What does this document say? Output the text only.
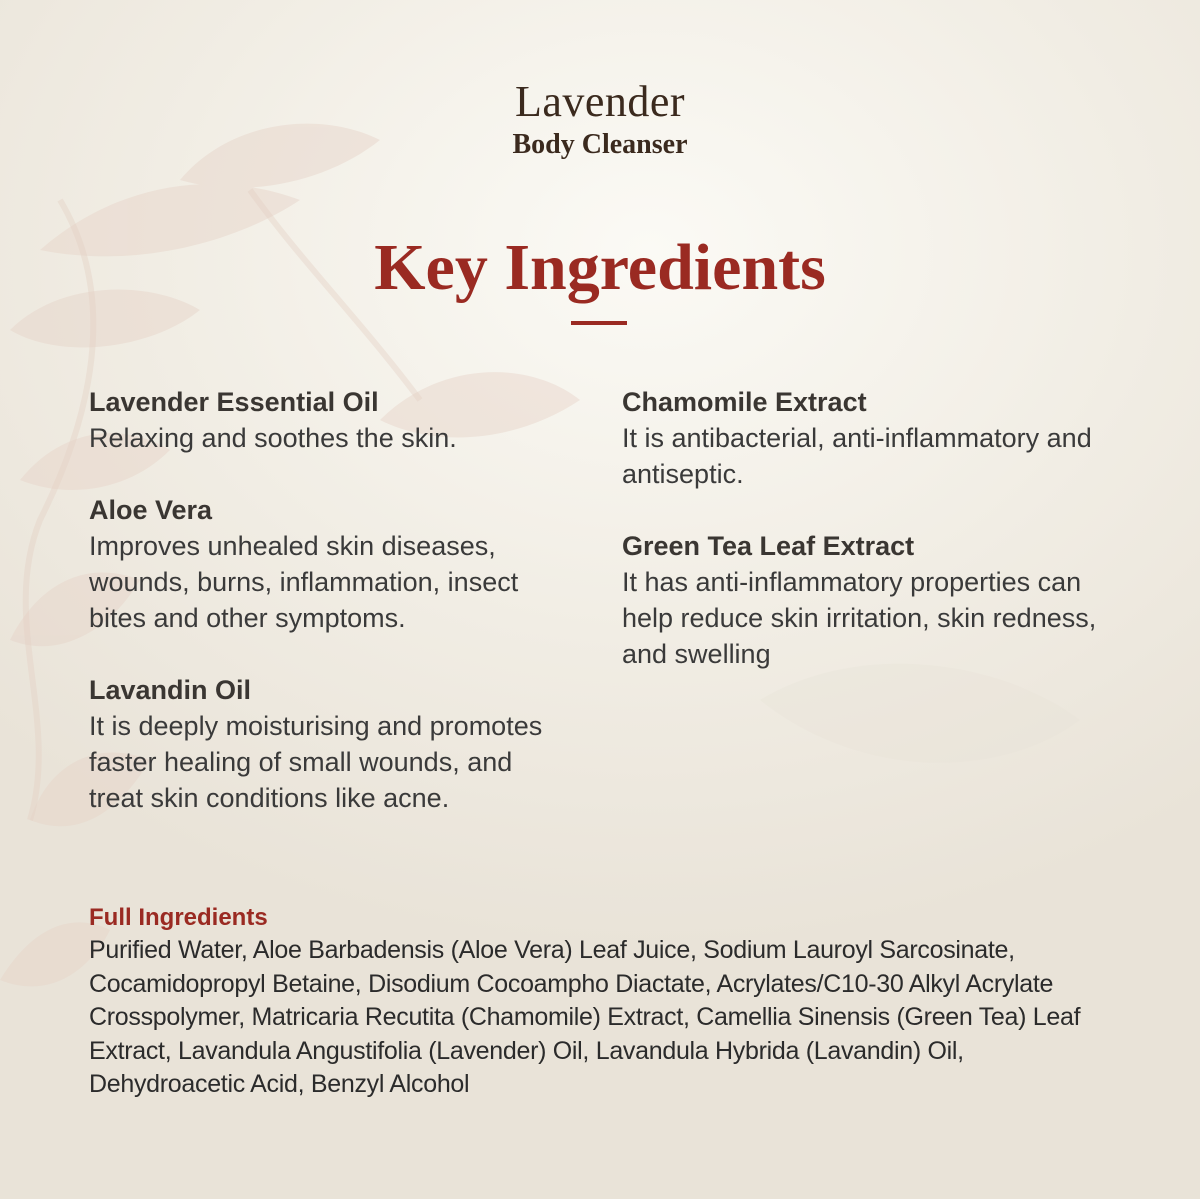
Lavender
Body Cleanser
Key Ingredients
Lavender Essential Oil

Relaxing and soothes the skin.

Aloe Vera

Improves unhealed skin diseases, wounds, burns, inflammation, insect bites and other symptoms.

Lavandin Oil

It is deeply moisturising and promotes faster healing of small wounds, and treat skin conditions like acne.

Chamomile Extract

It is antibacterial, anti-inflammatory and antiseptic.

Green Tea Leaf Extract

It has anti-inflammatory properties can help reduce skin irritation, skin redness, and swelling

Full Ingredients

Purified Water, Aloe Barbadensis (Aloe Vera) Leaf Juice, Sodium Lauroyl Sarcosinate, Cocamidopropyl Betaine, Disodium Cocoampho Diactate, Acrylates/C10-30 Alkyl Acrylate Crosspolymer, Matricaria Recutita (Chamomile) Extract, Camellia Sinensis (Green Tea) Leaf Extract, Lavandula Angustifolia (Lavender) Oil, Lavandula Hybrida (Lavandin) Oil, Dehydroacetic Acid, Benzyl Alcohol
